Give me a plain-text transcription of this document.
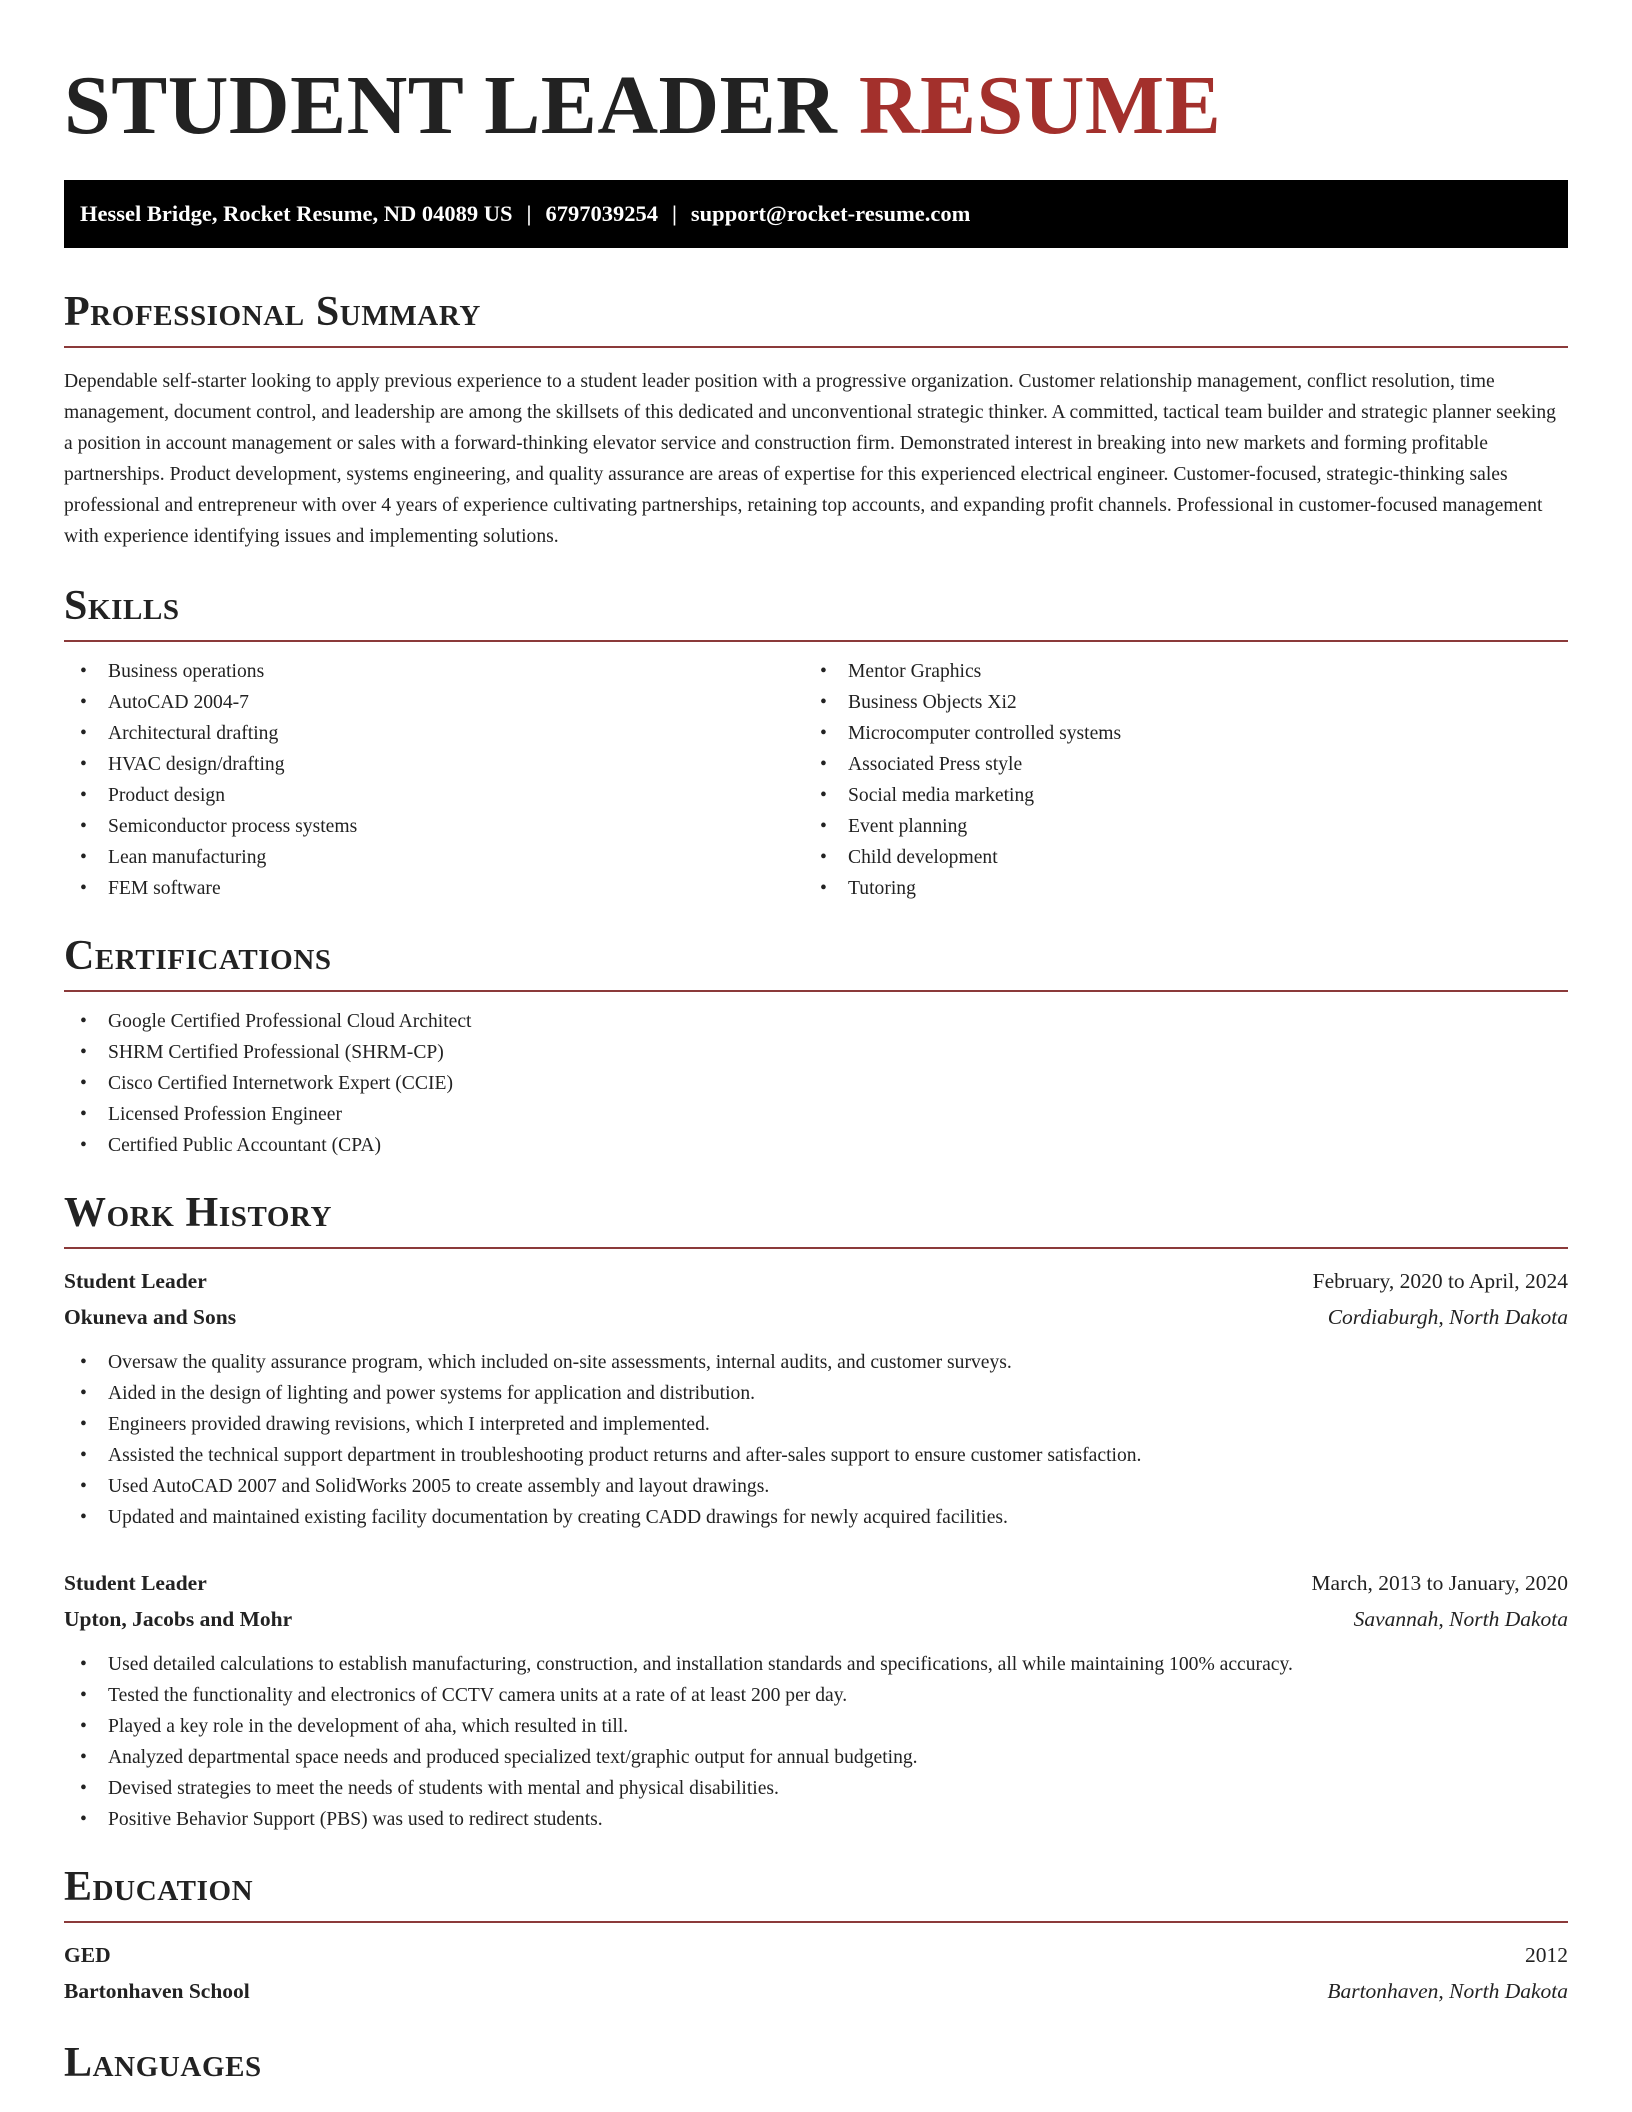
STUDENT LEADER RESUME
Hessel Bridge, Rocket Resume, ND 04089 US | 6797039254 | support@rocket-resume.com
Professional Summary

Dependable self-starter looking to apply previous experience to a student leader position with a progressive organization. Customer relationship management, conflict resolution, time management, document control, and leadership are among the skillsets of this dedicated and unconventional strategic thinker. A committed, tactical team builder and strategic planner seeking a position in account management or sales with a forward-thinking elevator service and construction firm. Demonstrated interest in breaking into new markets and forming profitable partnerships. Product development, systems engineering, and quality assurance are areas of expertise for this experienced electrical engineer. Customer-focused, strategic-thinking sales professional and entrepreneur with over 4 years of experience cultivating partnerships, retaining top accounts, and expanding profit channels. Professional in customer-focused management with experience identifying issues and implementing solutions.

Skills
• Business operations
• AutoCAD 2004-7
• Architectural drafting
• HVAC design/drafting
• Product design
• Semiconductor process systems
• Lean manufacturing
• FEM software
• Mentor Graphics
• Business Objects Xi2
• Microcomputer controlled systems
• Associated Press style
• Social media marketing
• Event planning
• Child development
• Tutoring
Certifications
• Google Certified Professional Cloud Architect
• SHRM Certified Professional (SHRM-CP)
• Cisco Certified Internetwork Expert (CCIE)
• Licensed Profession Engineer
• Certified Public Accountant (CPA)
Work History
Student Leader	February, 2020 to April, 2024
Okuneva and Sons	Cordiaburgh, North Dakota
• Oversaw the quality assurance program, which included on-site assessments, internal audits, and customer surveys.
• Aided in the design of lighting and power systems for application and distribution.
• Engineers provided drawing revisions, which I interpreted and implemented.
• Assisted the technical support department in troubleshooting product returns and after-sales support to ensure customer satisfaction.
• Used AutoCAD 2007 and SolidWorks 2005 to create assembly and layout drawings.
• Updated and maintained existing facility documentation by creating CADD drawings for newly acquired facilities.
Student Leader	March, 2013 to January, 2020
Upton, Jacobs and Mohr	Savannah, North Dakota
• Used detailed calculations to establish manufacturing, construction, and installation standards and specifications, all while maintaining 100% accuracy.
• Tested the functionality and electronics of CCTV camera units at a rate of at least 200 per day.
• Played a key role in the development of aha, which resulted in till.
• Analyzed departmental space needs and produced specialized text/graphic output for annual budgeting.
• Devised strategies to meet the needs of students with mental and physical disabilities.
• Positive Behavior Support (PBS) was used to redirect students.
Education
GED	2012
Bartonhaven School	Bartonhaven, North Dakota
Languages
